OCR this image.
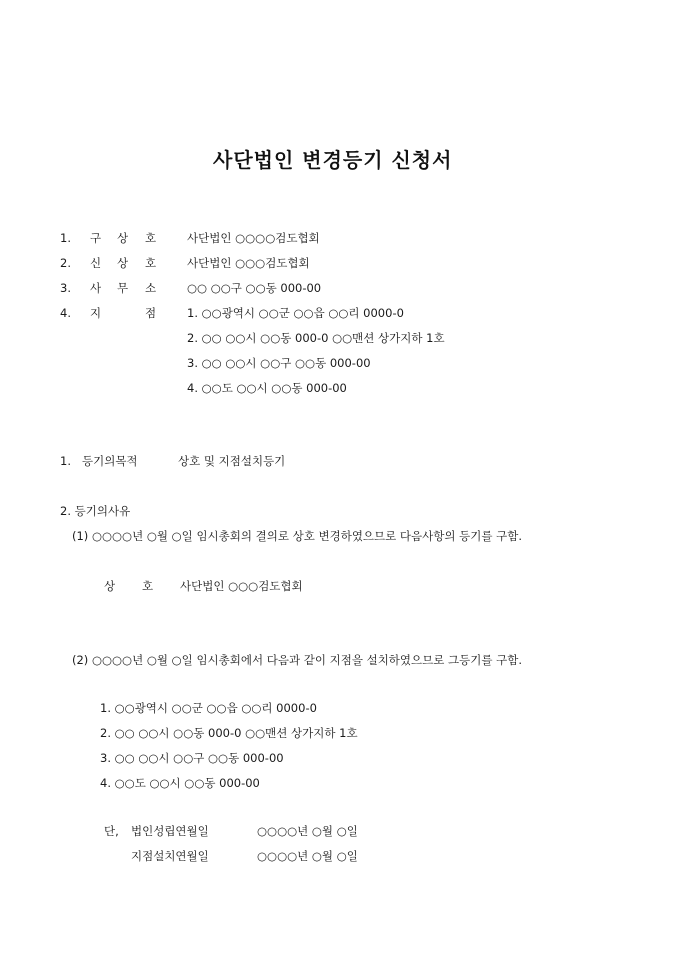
사단법인 변경등기 신청서
1. 구 상 호	사단법인 ○○○○검도협회
2. 신 상 호	사단법인 ○○○검도협회
3. 사 무 소	○○ ○○구 ○○동 000-00
4. 지	점	1. ○○광역시 ○○군 ○○읍 ○○리 0000-0
2. ○○ ○○시 ○○동 000-0 ○○맨션 상가지하 1호
3. ○○ ○○시 ○○구 ○○동 000-00
4. ○○도 ○○시 ○○동 000-00
1. 등기의목적	상호 및 지점설치등기
2. 등기의사유
(1) ○○○○년 ○월 ○일 임시총회의 결의로 상호 변경하였으므로 다음사항의 등기를 구함.
상 호 사단법인 ○○○검도협회
(2) ○○○○년 ○월 ○일 임시총회에서 다음과 같이 지점을 설치하였으므로 그등기를 구함.
1. ○○광역시 ○○군 ○○읍 ○○리 0000-0
2. ○○ ○○시 ○○동 000-0 ○○맨션 상가지하 1호
3. ○○ ○○시 ○○구 ○○동 000-00
4. ○○도 ○○시 ○○동 000-00
단, 법인성립연월일	○○○○년 ○월 ○일
지점설치연월일	○○○○년 ○월 ○일
